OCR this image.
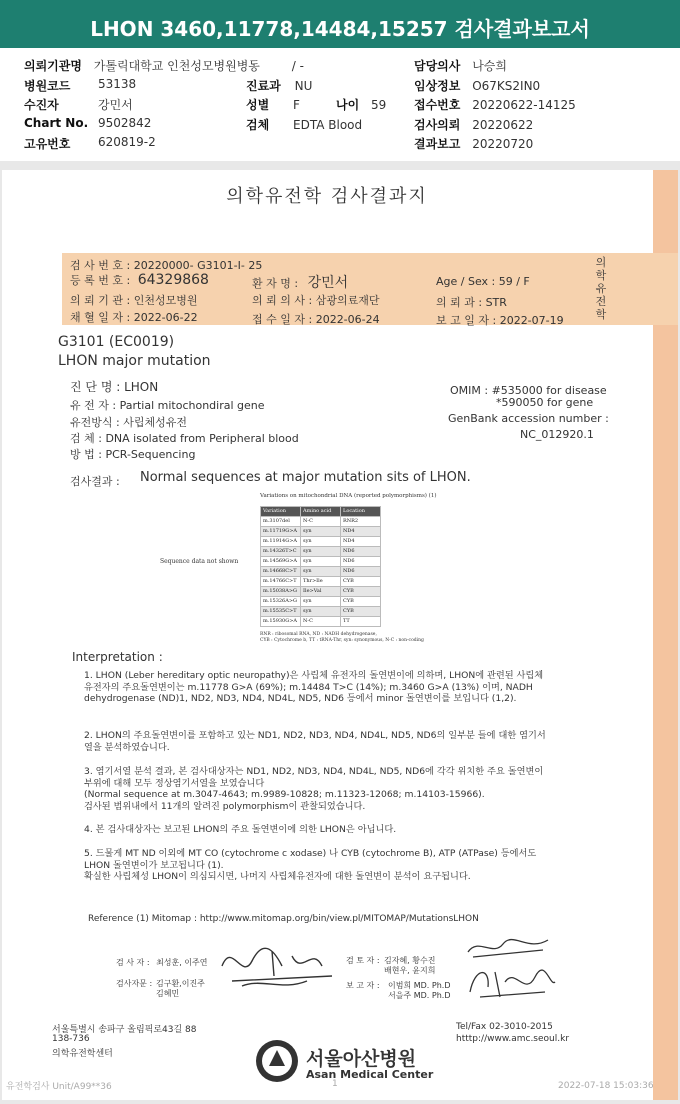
LHON 3460,11778,14484,15257 검사결과보고서
의뢰기관명 가톨릭대학교 인천성모병원병동	/ -	담당의사 나승희
병원코드 53138	진료과 NU	임상정보 O67KS2IN0
수진자	강민서	성별 F	나이 59 접수번호 20220622-14125
Chart No. 9502842	검체 EDTA Blood	검사의뢰 20220622
고유번호 620819-2	결과보고 20220720
의학유전학 검사결과지
검 사 번 호 : 20220000- G3101-I- 25
등 록 번 호 : 64329868	환 자 명 : 강민서	Age / Sex : 59 / F
의 뢰 기 관 : 인천성모병원	의 뢰 의 사 : 삼광의료재단	의 뢰 과 : STR
채 혈 일 자 : 2022-06-22	접 수 일 자 : 2022-06-24	보 고 일 자 : 2022-07-19
의학유전학
G3101 (EC0019)
LHON major mutation
진 단 명 : LHON
유 전 자 : Partial mitochondiral gene
유전방식 : 사립체성유전
검 체 : DNA isolated from Peripheral blood
방 법 : PCR-Sequencing
OMIM : #535000 for disease
*590050 for gene
GenBank accession number :
NC_012920.1
검사결과 : Normal sequences at major mutation sits of LHON.
Variations on mitochondrial DNA (reported polymorphisms) (1)
Sequence data not shown
Variation	Amino acid	Location
m.3107del	N-C	RNR2
m.11719G>A	syn	ND4
m.11914G>A	syn	ND4
m.14326T>C	syn	ND6
m.14569G>A	syn	ND6
m.14668C>T	syn	ND6
m.14766C>T	Thr>Ile	CYB
m.15038A>G	Ile>Val	CYB
m.15326A>G	syn	CYB
m.15535C>T	syn	CYB
m.15930G>A	N-C	TT
RNR : ribosomal RNA, ND : NADH dehydrogenase,
CYB : Cytochrome b, TT : tRNA-Thr, syn: synonymous, N-C : non-coding
Interpretation :
1. LHON (Leber hereditary optic neuropathy)은 사립체 유전자의 돌연변이에 의하며, LHON에 관련된 사립체 유전자의 주요돌연변이는 m.11778 G>A (69%); m.14484 T>C (14%); m.3460 G>A (13%) 이며, NADH dehydrogenase (ND)1, ND2, ND3, ND4, ND4L, ND5, ND6 등에서 minor 돌연변이를 보입니다 (1,2).
2. LHON의 주요돌연변이를 포함하고 있는 ND1, ND2, ND3, ND4, ND4L, ND5, ND6의 일부분 들에 대한 염기서열을 분석하였습니다.
3. 염기서열 분석 결과, 본 검사대상자는 ND1, ND2, ND3, ND4, ND4L, ND5, ND6에 각각 위치한 주요 돌연변이 부위에 대해 모두 정상염기서열을 보였습니다
(Normal sequence at m.3047-4643; m.9989-10828; m.11323-12068; m.14103-15966).
검사된 범위내에서 11개의 알려진 polymorphism이 관찰되었습니다.
4. 본 검사대상자는 보고된 LHON의 주요 돌연변이에 의한 LHON은 아닙니다.
5. 드물게 MT ND 이외에 MT CO (cytochrome c xodase) 나 CYB (cytochrome B), ATP (ATPase) 등에서도 LHON 돌연변이가 보고됩니다 (1).
확실한 사립체성 LHON이 의심되시면, 나머지 사립체유전자에 대한 돌연변이 분석이 요구됩니다.
Reference (1) Mitomap : http://www.mitomap.org/bin/view.pl/MITOMAP/MutationsLHON
검 사 자 : 최성훈, 이주연
검사자문 : 김구환,이진주
김혜민
검 토 자 : 김자혜, 황수진
배현우, 윤지희
보 고 자 : 이범희 MD. Ph.D
서을주 MD. Ph.D
서울특별시 송파구 올림픽로43길 88
138-736
의학유전학센터
Tel/Fax 02-3010-2015
htttp://www.amc.seoul.kr
서울아산병원
Asan Medical Center
유전학검사 Unit/A99**36	1	2022-07-18 15:03:36
